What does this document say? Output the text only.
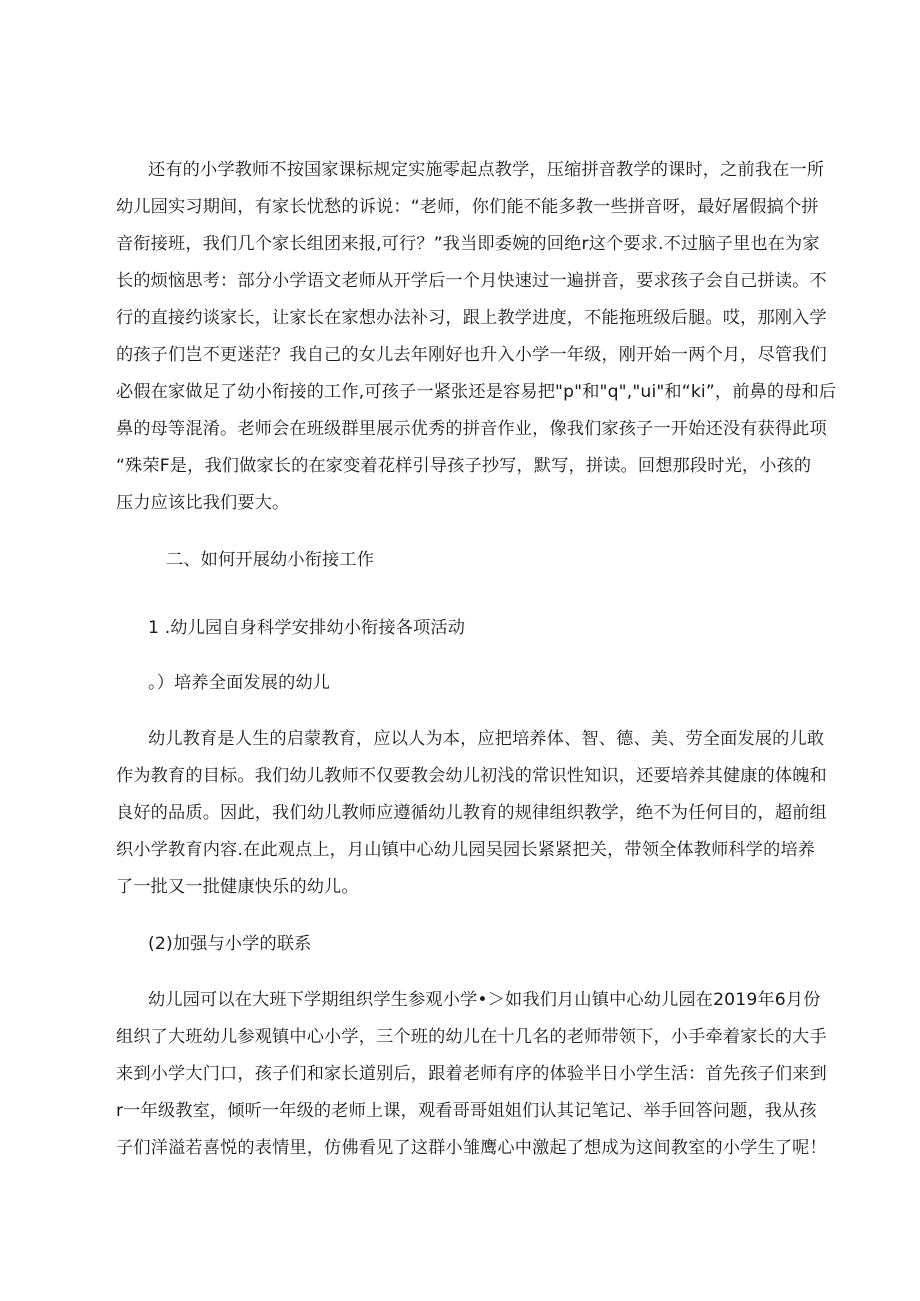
还有的小学教师不按国家课标规定实施零起点教学，压缩拼音教学的课时，之前我在一所
幼儿园实习期间，有家长忧愁的诉说：“老师，你们能不能多教一些拼音呀，最好屠假搞个拼
音衔接班，我们几个家长组团来报,可行？”我当即委婉的回绝r这个要求.不过脑子里也在为家
长的烦恼思考：部分小学语文老师从开学后一个月快速过一遍拼音，要求孩子会自己拼读。不
行的直接约谈家长，让家长在家想办法补习，跟上教学进度，不能拖班级后腿。哎，那刚入学
的孩子们岂不更迷茫？我自己的女儿去年刚好也升入小学一年级，刚开始一两个月，尽管我们
必假在家做足了幼小衔接的工作,可孩子一紧张还是容易把"p"和"q","ui"和“ki”，前鼻的母和后
鼻的母等混淆。老师会在班级群里展示优秀的拼音作业，像我们家孩子一开始还没有获得此项
“殊荣F是，我们做家长的在家变着花样引导孩子抄写，默写，拼读。回想那段时光，小孩的
压力应该比我们要大。
二、如何开展幼小衔接工作
1 .幼儿园自身科学安排幼小衔接各项活动
。）培养全面发展的幼儿
幼儿教育是人生的启蒙教育，应以人为本，应把培养体、智、德、美、劳全面发展的儿敢
作为教育的目标。我们幼儿教师不仅要教会幼儿初浅的常识性知识，还要培养其健康的体魄和
良好的品质。因此，我们幼儿教师应遵循幼儿教育的规律组织教学，绝不为任何目的，超前组
织小学教育内容.在此观点上，月山镇中心幼儿园吴园长紧紧把关，带领全体教师科学的培养
了一批又一批健康快乐的幼儿。
(2)加强与小学的联系
幼儿园可以在大班下学期组织学生参观小学•＞如我们月山镇中心幼儿园在2019年6月份
组织了大班幼儿参观镇中心小学，三个班的幼儿在十几名的老师带领下，小手牵着家长的大手
来到小学大门口，孩子们和家长道别后，跟着老师有序的体验半日小学生活：首先孩子们来到
r一年级教室，倾听一年级的老师上课，观看哥哥姐姐们认其记笔记、举手回答问题，我从孩
子们洋溢若喜悦的表情里，仿佛看见了这群小雏鹰心中激起了想成为这间教室的小学生了呢！
